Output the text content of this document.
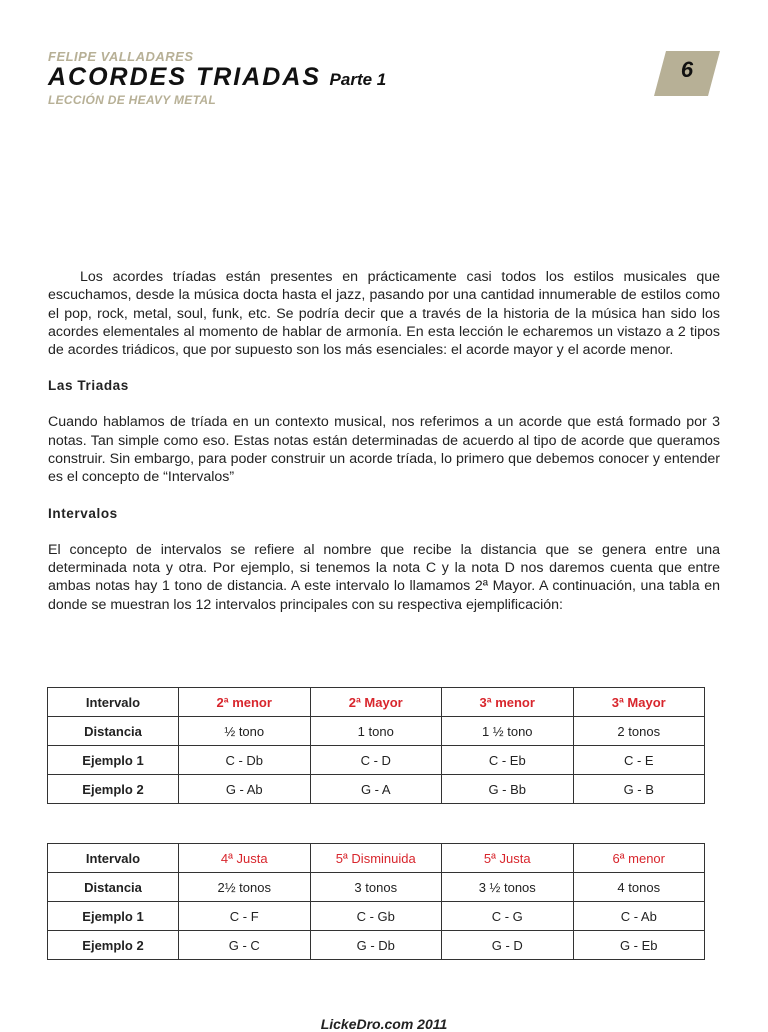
FELIPE VALLADARES
ACORDES TRIADAS Parte 1
LECCIÓN DE HEAVY METAL
6

Los acordes tríadas están presentes en prácticamente casi todos los estilos musicales que escuchamos, desde la música docta hasta el jazz, pasando por una cantidad innumerable de estilos como el pop, rock, metal, soul, funk, etc. Se podría decir que a través de la historia de la música han sido los acordes elementales al momento de hablar de armonía. En esta lección le echaremos un vistazo a 2 tipos de acordes triádicos, que por supuesto son los más esenciales: el acorde mayor y el acorde menor.

Las Triadas

Cuando hablamos de tríada en un contexto musical, nos referimos a un acorde que está formado por 3 notas. Tan simple como eso. Estas notas están determinadas de acuerdo al tipo de acorde que queramos construir. Sin embargo, para poder construir un acorde tríada, lo primero que debemos conocer y entender es el concepto de “Intervalos”

Intervalos

El concepto de intervalos se refiere al nombre que recibe la distancia que se genera entre una determinada nota y otra. Por ejemplo, si tenemos la nota C y la nota D nos daremos cuenta que entre ambas notas hay 1 tono de distancia. A este intervalo lo llamamos 2ª Mayor. A continuación, una tabla en donde se muestran los 12 intervalos principales con su respectiva ejemplificación:

Intervalo	2ª menor	2ª Mayor	3ª menor	3ª Mayor
Distancia	½ tono	1 tono	1 ½ tono	2 tonos
Ejemplo 1	C - Db	C - D	C - Eb	C - E
Ejemplo 2	G - Ab	G - A	G - Bb	G - B
Intervalo	4ª Justa	5ª Disminuida	5ª Justa	6ª menor
Distancia	2½ tonos	3 tonos	3 ½ tonos	4 tonos
Ejemplo 1	C - F	C - Gb	C - G	C - Ab
Ejemplo 2	G - C	G - Db	G - D	G - Eb
LickeDro.com 2011
